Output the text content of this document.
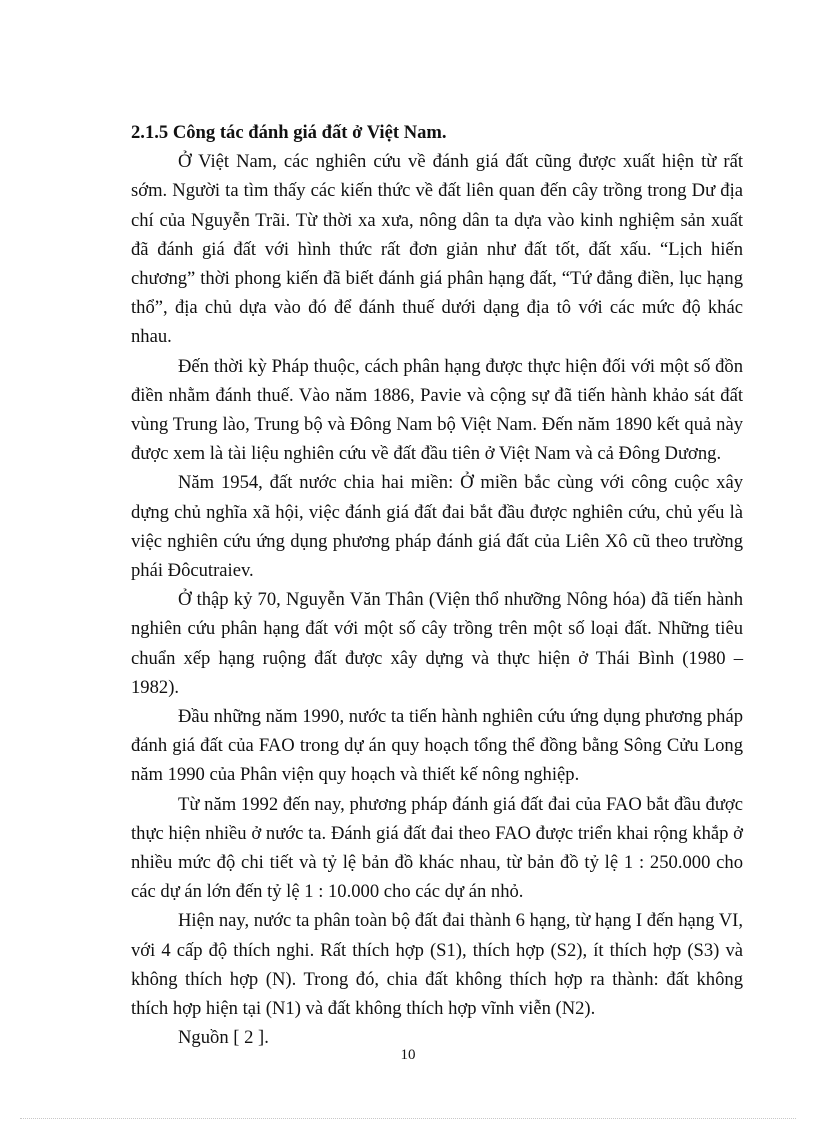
2.1.5 Công tác đánh giá đất ở Việt Nam.

Ở Việt Nam, các nghiên cứu về đánh giá đất cũng được xuất hiện từ rất sớm. Người ta tìm thấy các kiến thức về đất liên quan đến cây trồng trong Dư địa chí của Nguyễn Trãi. Từ thời xa xưa, nông dân ta dựa vào kinh nghiệm sản xuất đã đánh giá đất với hình thức rất đơn giản như đất tốt, đất xấu. “Lịch hiến chương” thời phong kiến đã biết đánh giá phân hạng đất, “Tứ đẳng điền, lục hạng thổ”, địa chủ dựa vào đó để đánh thuế dưới dạng địa tô với các mức độ khác nhau.

Đến thời kỳ Pháp thuộc, cách phân hạng được thực hiện đối với một số đồn điền nhằm đánh thuế. Vào năm 1886, Pavie và cộng sự đã tiến hành khảo sát đất vùng Trung lào, Trung bộ và Đông Nam bộ Việt Nam. Đến năm 1890 kết quả này được xem là tài liệu nghiên cứu về đất đầu tiên ở Việt Nam và cả Đông Dương.

Năm 1954, đất nước chia hai miền: Ở miền bắc cùng với công cuộc xây dựng chủ nghĩa xã hội, việc đánh giá đất đai bắt đầu được nghiên cứu, chủ yếu là việc nghiên cứu ứng dụng phương pháp đánh giá đất của Liên Xô cũ theo trường phái Đôcutraiev.

Ở thập kỷ 70, Nguyễn Văn Thân (Viện thổ nhưỡng Nông hóa) đã tiến hành nghiên cứu phân hạng đất với một số cây trồng trên một số loại đất. Những tiêu chuẩn xếp hạng ruộng đất được xây dựng và thực hiện ở Thái Bình (1980 – 1982).

Đầu những năm 1990, nước ta tiến hành nghiên cứu ứng dụng phương pháp đánh giá đất của FAO trong dự án quy hoạch tổng thể đồng bằng Sông Cửu Long năm 1990 của Phân viện quy hoạch và thiết kế nông nghiệp.

Từ năm 1992 đến nay, phương pháp đánh giá đất đai của FAO bắt đầu được thực hiện nhiều ở nước ta. Đánh giá đất đai theo FAO được triển khai rộng khắp ở nhiều mức độ chi tiết và tỷ lệ bản đồ khác nhau, từ bản đồ tỷ lệ 1 : 250.000 cho các dự án lớn đến tỷ lệ 1 : 10.000 cho các dự án nhỏ.

Hiện nay, nước ta phân toàn bộ đất đai thành 6 hạng, từ hạng I đến hạng VI, với 4 cấp độ thích nghi. Rất thích hợp (S1), thích hợp (S2), ít thích hợp (S3) và không thích hợp (N). Trong đó, chia đất không thích hợp ra thành: đất không thích hợp hiện tại (N1) và đất không thích hợp vĩnh viễn (N2).

Nguồn [ 2 ].

10
